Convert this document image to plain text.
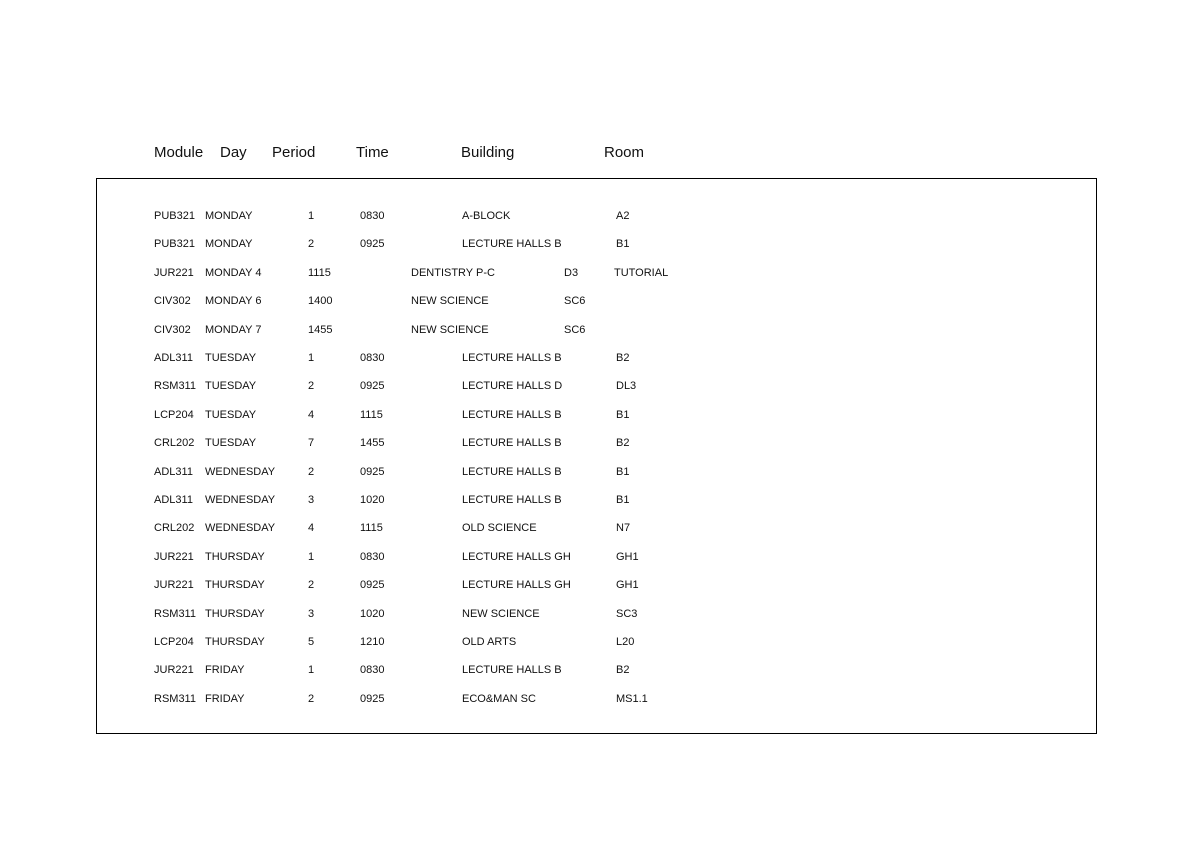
Module Day Period	Time	Building	Room
PUB321 MONDAY	1	0830	A-BLOCK	A2
PUB321 MONDAY	2	0925	LECTURE HALLS B	B1
JUR221 MONDAY 4	1115	DENTISTRY P-C	D3	TUTORIAL
CIV302 MONDAY 6	1400	NEW SCIENCE	SC6
CIV302 MONDAY 7	1455	NEW SCIENCE	SC6
ADL311 TUESDAY	1	0830	LECTURE HALLS B	B2
RSM311 TUESDAY	2	0925	LECTURE HALLS D	DL3
LCP204 TUESDAY	4	1115	LECTURE HALLS B	B1
CRL202 TUESDAY	7	1455	LECTURE HALLS B	B2
ADL311 WEDNESDAY	2	0925	LECTURE HALLS B	B1
ADL311 WEDNESDAY	3	1020	LECTURE HALLS B	B1
CRL202 WEDNESDAY	4	1115	OLD SCIENCE	N7
JUR221 THURSDAY	1	0830	LECTURE HALLS GH	GH1
JUR221 THURSDAY	2	0925	LECTURE HALLS GH	GH1
RSM311 THURSDAY	3	1020	NEW SCIENCE	SC3
LCP204 THURSDAY	5	1210	OLD ARTS	L20
JUR221 FRIDAY	1	0830	LECTURE HALLS B	B2
RSM311 FRIDAY	2	0925	ECO&MAN SC	MS1.1
